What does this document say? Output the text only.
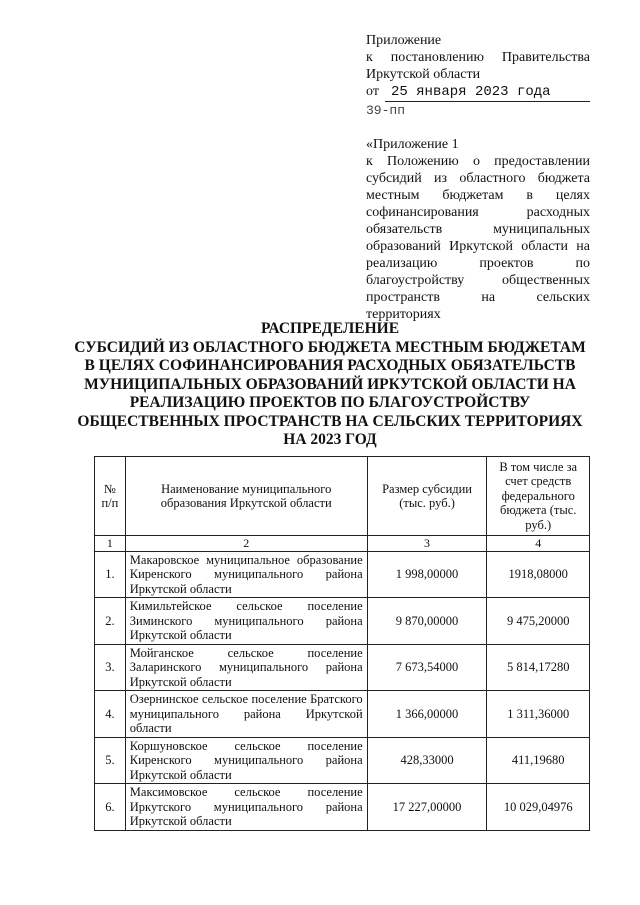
Приложение
к постановлению Правительства
Иркутской области
от 25 января 2023 года
39-пп
«Приложение 1
к Положению о предоставлении
субсидий из областного бюджета
местным бюджетам в целях
софинансирования расходных
обязательств муниципальных
образований Иркутской области на
реализацию проектов по
благоустройству общественных
пространств на сельских
территориях
РАСПРЕДЕЛЕНИЕ
СУБСИДИЙ ИЗ ОБЛАСТНОГО БЮДЖЕТА МЕСТНЫМ БЮДЖЕТАМ
В ЦЕЛЯХ СОФИНАНСИРОВАНИЯ РАСХОДНЫХ ОБЯЗАТЕЛЬСТВ
МУНИЦИПАЛЬНЫХ ОБРАЗОВАНИЙ ИРКУТСКОЙ ОБЛАСТИ НА
РЕАЛИЗАЦИЮ ПРОЕКТОВ ПО БЛАГОУСТРОЙСТВУ
ОБЩЕСТВЕННЫХ ПРОСТРАНСТВ НА СЕЛЬСКИХ ТЕРРИТОРИЯХ
НА 2023 ГОД
№ п/п	Наименование муниципального образования Иркутской области	Размер субсидии (тыс. руб.)	В том числе за счет средств федерального бюджета (тыс. руб.)
1	2	3	4
1.	Макаровское муниципальное образование Киренского муниципального района Иркутской области	1 998,00000	1918,08000
2.	Кимильтейское сельское поселение Зиминского муниципального района Иркутской области	9 870,00000	9 475,20000
3.	Мойганское сельское поселение Заларинского муниципального района Иркутской области	7 673,54000	5 814,17280
4.	Озернинское сельское поселение Братского муниципального района Иркутской области	1 366,00000	1 311,36000
5.	Коршуновское сельское поселение Киренского муниципального района Иркутской области	428,33000	411,19680
6.	Максимовское сельское поселение Иркутского муниципального района Иркутской области	17 227,00000	10 029,04976
